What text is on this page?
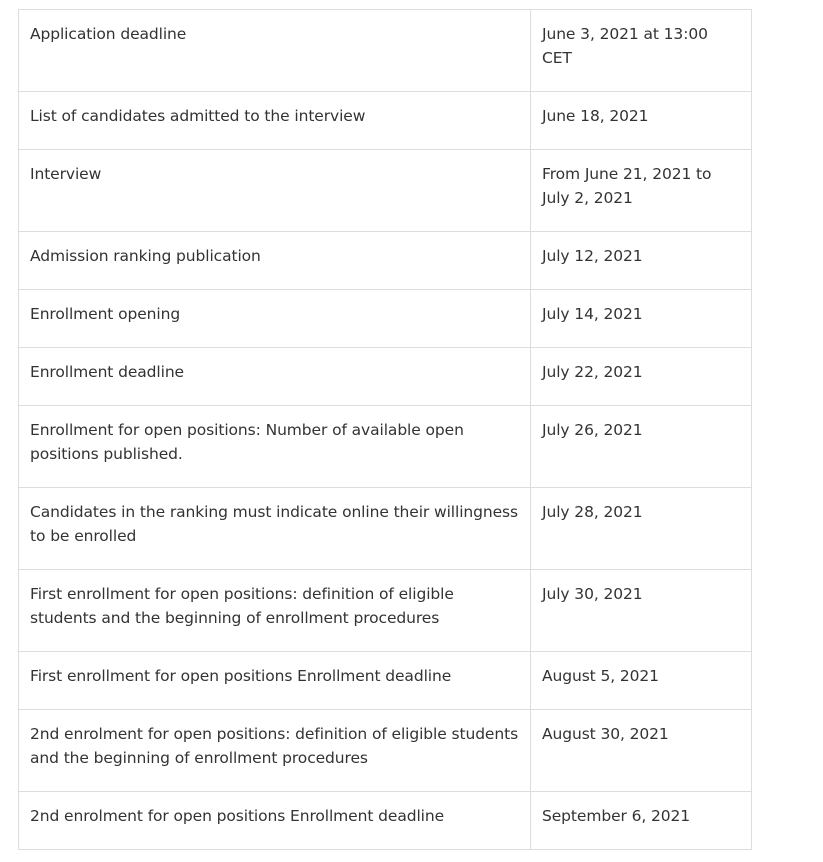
Application deadline	June 3, 2021 at 13:00 CET
List of candidates admitted to the interview	June 18, 2021
Interview	From June 21, 2021 to July 2, 2021
Admission ranking publication	July 12, 2021
Enrollment opening	July 14, 2021
Enrollment deadline	July 22, 2021
Enrollment for open positions: Number of available open positions published.	July 26, 2021
Candidates in the ranking must indicate online their willingness to be enrolled	July 28, 2021
First enrollment for open positions: definition of eligible students and the beginning of enrollment procedures	July 30, 2021
First enrollment for open positions Enrollment deadline	August 5, 2021
2nd enrolment for open positions: definition of eligible students and the beginning of enrollment procedures	August 30, 2021
2nd enrolment for open positions Enrollment deadline	September 6, 2021
